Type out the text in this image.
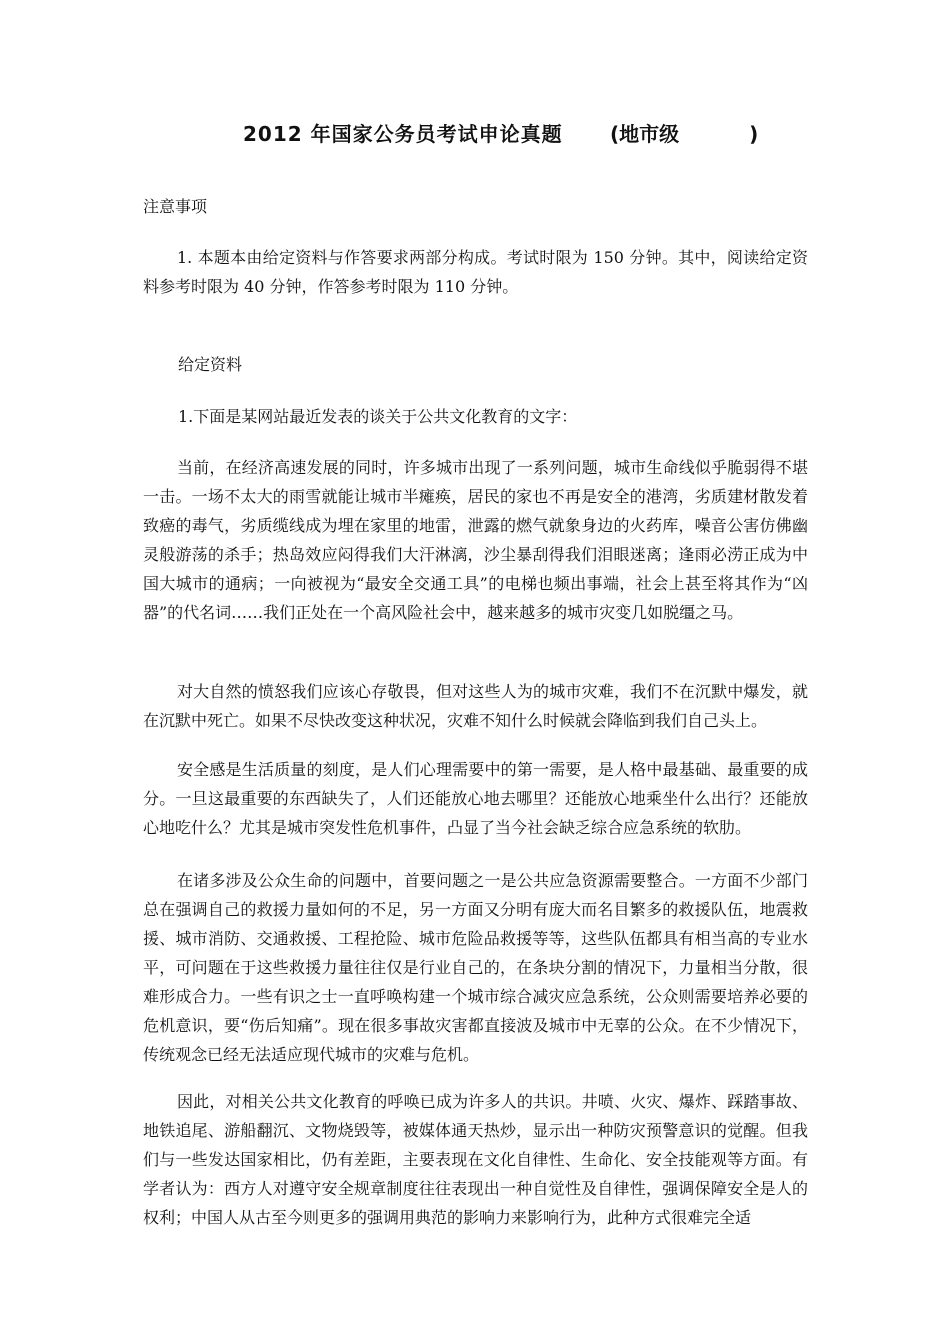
2012 年国家公务员考试申论真题 (地市级	)
注意事项

1. 本题本由给定资料与作答要求两部分构成。考试时限为 150 分钟。其中，阅读给定资料参考时限为 40 分钟，作答参考时限为 110 分钟。

给定资料
1.下面是某网站最近发表的谈关于公共文化教育的文字：

当前，在经济高速发展的同时，许多城市出现了一系列问题，城市生命线似乎脆弱得不堪一击。一场不太大的雨雪就能让城市半瘫痪，居民的家也不再是安全的港湾，劣质建材散发着致癌的毒气，劣质缆线成为埋在家里的地雷，泄露的燃气就象身边的火药库，噪音公害仿佛幽灵般游荡的杀手；热岛效应闷得我们大汗淋漓，沙尘暴刮得我们泪眼迷离；逢雨必涝正成为中国大城市的通病；一向被视为“最安全交通工具”的电梯也频出事端，社会上甚至将其作为“凶器”的代名词……我们正处在一个高风险社会中，越来越多的城市灾变几如脱缰之马。

对大自然的愤怒我们应该心存敬畏，但对这些人为的城市灾难，我们不在沉默中爆发，就在沉默中死亡。如果不尽快改变这种状况，灾难不知什么时候就会降临到我们自己头上。

安全感是生活质量的刻度，是人们心理需要中的第一需要，是人格中最基础、最重要的成分。一旦这最重要的东西缺失了，人们还能放心地去哪里？还能放心地乘坐什么出行？还能放心地吃什么？尤其是城市突发性危机事件，凸显了当今社会缺乏综合应急系统的软肋。

在诸多涉及公众生命的问题中，首要问题之一是公共应急资源需要整合。一方面不少部门总在强调自己的救援力量如何的不足，另一方面又分明有庞大而名目繁多的救援队伍，地震救援、城市消防、交通救援、工程抢险、城市危险品救援等等，这些队伍都具有相当高的专业水平，可问题在于这些救援力量往往仅是行业自己的，在条块分割的情况下，力量相当分散，很难形成合力。一些有识之士一直呼唤构建一个城市综合减灾应急系统，公众则需要培养必要的危机意识，要“伤后知痛”。现在很多事故灾害都直接波及城市中无辜的公众。在不少情况下，传统观念已经无法适应现代城市的灾难与危机。

因此，对相关公共文化教育的呼唤已成为许多人的共识。井喷、火灾、爆炸、踩踏事故、地铁追尾、游船翻沉、文物烧毁等，被媒体通天热炒，显示出一种防灾预警意识的觉醒。但我们与一些发达国家相比，仍有差距，主要表现在文化自律性、生命化、安全技能观等方面。有学者认为：西方人对遵守安全规章制度往往表现出一种自觉性及自律性，强调保障安全是人的权利；中国人从古至今则更多的强调用典范的影响力来影响行为，此种方式很难完全适
